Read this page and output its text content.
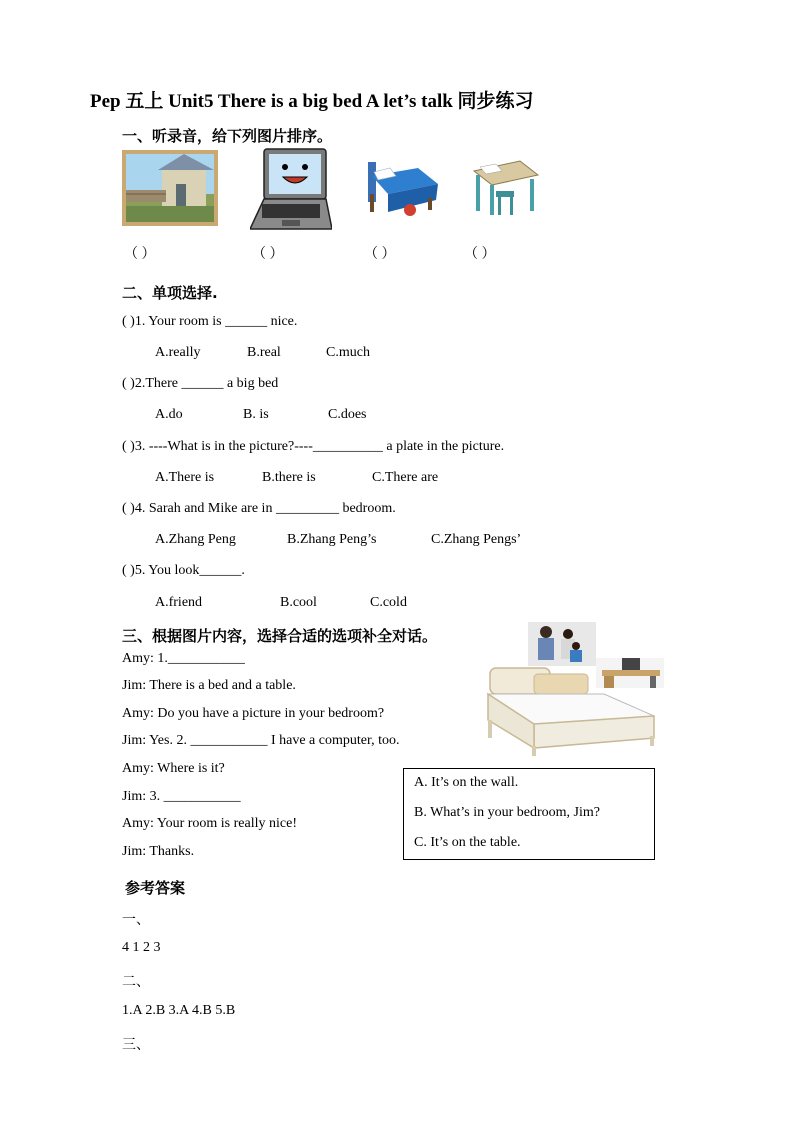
Pep 五上 Unit5 There is a big bed A let’s talk 同步练习
一、听录音，给下列图片排序。
（ ）	（ ）	（ ）	（ ）
二、单项选择.
( )1. Your room is ______ nice.
A.really	B.real	C.much
( )2.There ______ a big bed
A.do	B. is	C.does
( )3. ----What is in the picture?----__________ a plate in the picture.
A.There is	B.there is	C.There are
( )4. Sarah and Mike are in _________ bedroom.
A.Zhang Peng	B.Zhang Peng’s	C.Zhang Pengs’
( )5. You look______.
A.friend	B.cool	C.cold
三、根据图片内容，选择合适的选项补全对话。
Amy: 1.___________
Jim: There is a bed and a table.
Amy: Do you have a picture in your bedroom?
Jim: Yes. 2. ___________ I have a computer, too.
Amy: Where is it?
Jim: 3. ___________
Amy: Your room is really nice!
Jim: Thanks.
A. It’s on the wall.
B. What’s in your bedroom, Jim?
C. It’s on the table.
参考答案
一、
4 1 2 3
二、
1.A 2.B 3.A 4.B 5.B
三、
